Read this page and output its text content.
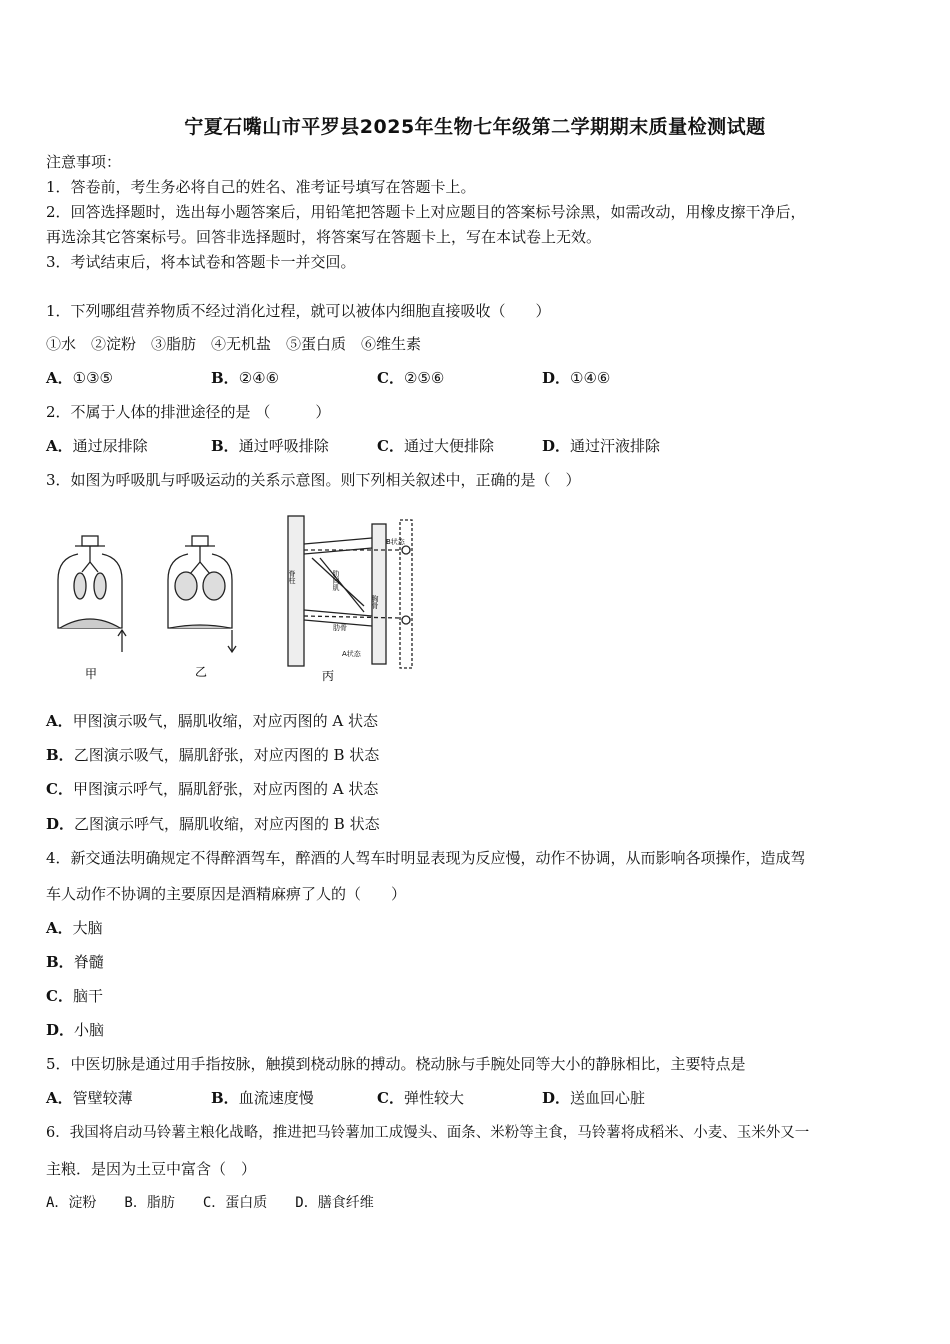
宁夏石嘴山市平罗县2025年生物七年级第二学期期末质量检测试题
注意事项：
1．答卷前，考生务必将自己的姓名、准考证号填写在答题卡上。
2．回答选择题时，选出每小题答案后，用铅笔把答题卡上对应题目的答案标号涂黑，如需改动，用橡皮擦干净后，
再选涂其它答案标号。回答非选择题时，将答案写在答题卡上，写在本试卷上无效。
3．考试结束后，将本试卷和答题卡一并交回。
1．下列哪组营养物质不经过消化过程，就可以被体内细胞直接吸收（　　）
①水　②淀粉　③脂肪　④无机盐　⑤蛋白质　⑥维生素
A．①③⑤	B．②④⑥	C．②⑤⑥	D．①④⑥
2．不属于人体的排泄途径的是 （　　　）
A．通过尿排除	B．通过呼吸排除	C．通过大便排除	D．通过汗液排除
3．如图为呼吸肌与呼吸运动的关系示意图。则下列相关叙述中，正确的是（　）
甲	乙	丙
B状态
A状态
脊柱
肋骨
肋间肌
胸骨
A．甲图演示吸气，膈肌收缩，对应丙图的 A 状态
B．乙图演示吸气，膈肌舒张，对应丙图的 B 状态
C．甲图演示呼气，膈肌舒张，对应丙图的 A 状态
D．乙图演示呼气，膈肌收缩，对应丙图的 B 状态
4．新交通法明确规定不得醉酒驾车，醉酒的人驾车时明显表现为反应慢，动作不协调，从而影响各项操作，造成驾
车人动作不协调的主要原因是酒精麻痹了人的（　　）
A．大脑
B．脊髓
C．脑干
D．小脑
5．中医切脉是通过用手指按脉，触摸到桡动脉的搏动。桡动脉与手腕处同等大小的静脉相比，主要特点是
A．管壁较薄	B．血流速度慢	C．弹性较大	D．送血回心脏
6．我国将启动马铃薯主粮化战略，推进把马铃薯加工成馒头、面条、米粉等主食，马铃薯将成稻米、小麦、玉米外又一
主粮．是因为土豆中富含（　）
A．淀粉　　B．脂肪　　C．蛋白质　　D．膳食纤维
